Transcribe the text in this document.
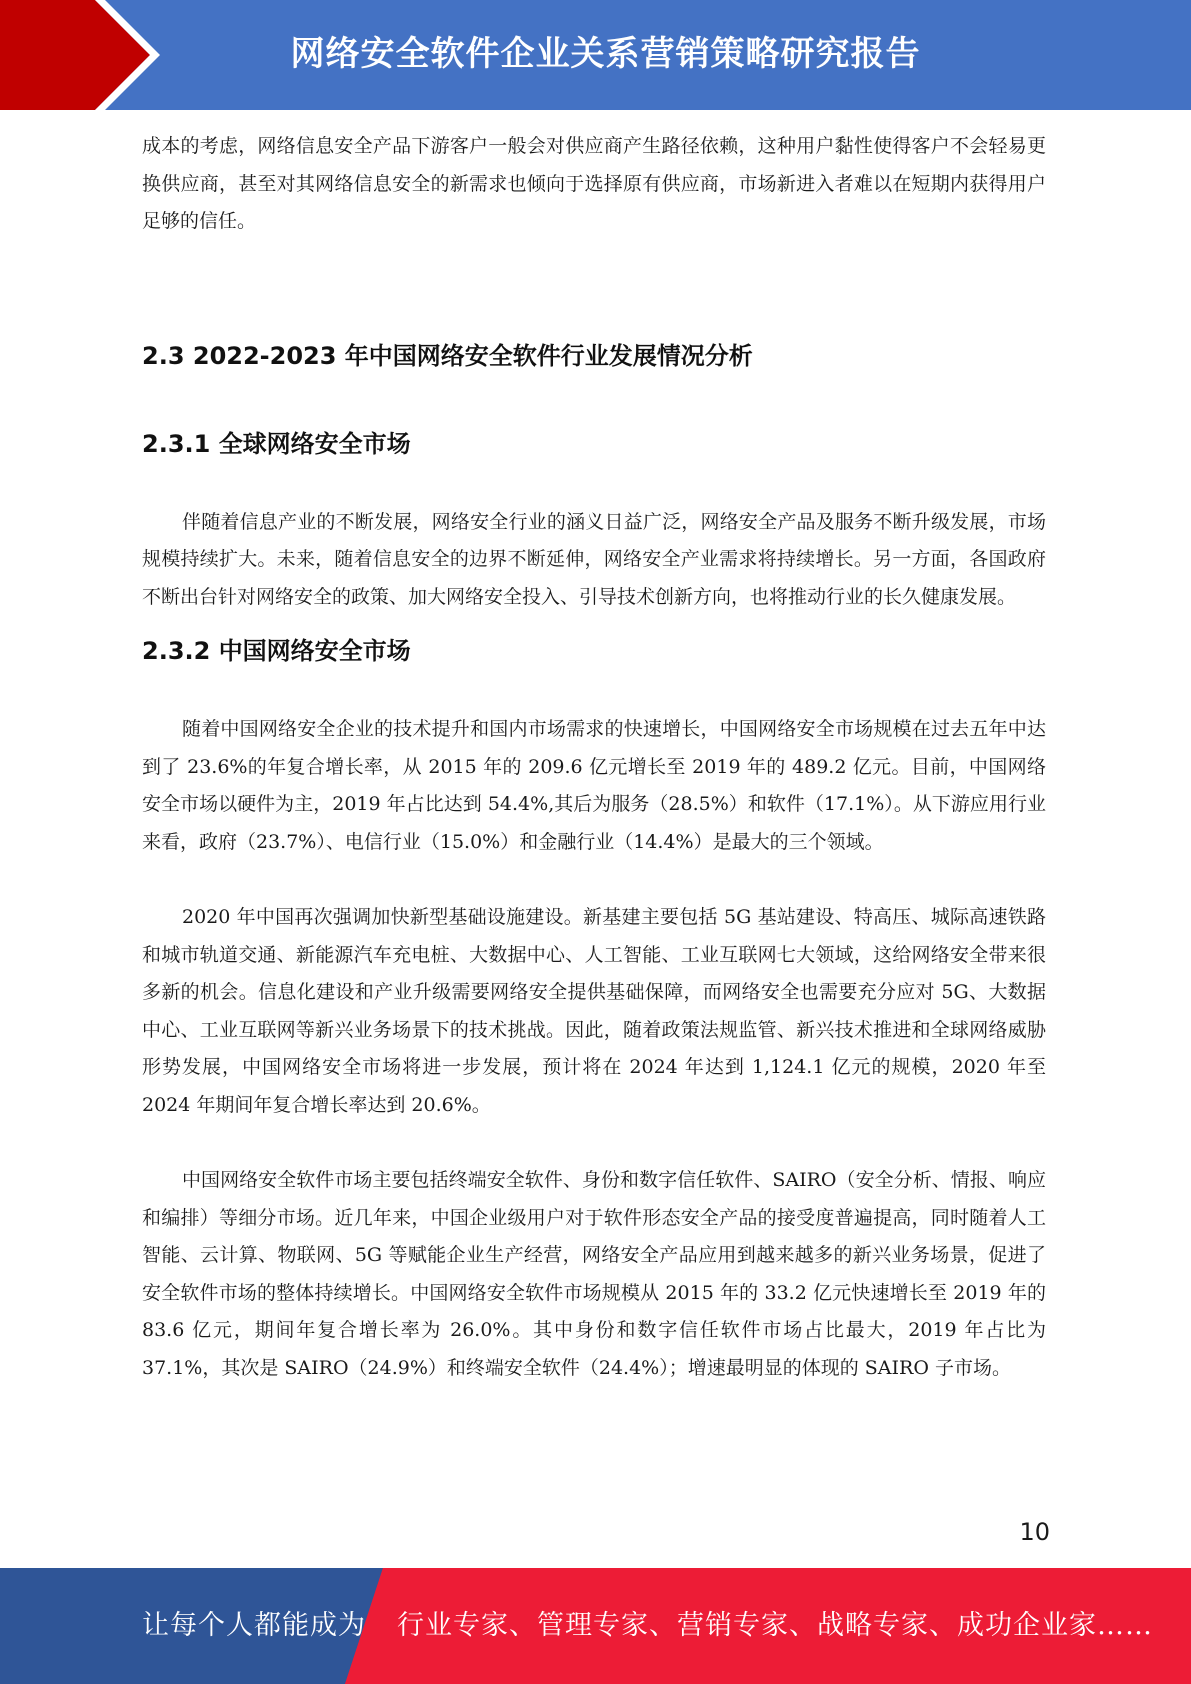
网络安全软件企业关系营销策略研究报告

成本的考虑，网络信息安全产品下游客户一般会对供应商产生路径依赖，这种用户黏性使得客户不会轻易更换供应商，甚至对其网络信息安全的新需求也倾向于选择原有供应商，市场新进入者难以在短期内获得用户足够的信任。

2.3 2022-2023 年中国网络安全软件行业发展情况分析
2.3.1 全球网络安全市场

伴随着信息产业的不断发展，网络安全行业的涵义日益广泛，网络安全产品及服务不断升级发展，市场规模持续扩大。未来，随着信息安全的边界不断延伸，网络安全产业需求将持续增长。另一方面，各国政府不断出台针对网络安全的政策、加大网络安全投入、引导技术创新方向，也将推动行业的长久健康发展。

2.3.2 中国网络安全市场

随着中国网络安全企业的技术提升和国内市场需求的快速增长，中国网络安全市场规模在过去五年中达到了 23.6%的年复合增长率，从 2015 年的 209.6 亿元增长至 2019 年的 489.2 亿元。目前，中国网络安全市场以硬件为主，2019 年占比达到 54.4%,其后为服务（28.5%）和软件（17.1%）。从下游应用行业来看，政府（23.7%）、电信行业（15.0%）和金融行业（14.4%）是最大的三个领域。

2020 年中国再次强调加快新型基础设施建设。新基建主要包括 5G 基站建设、特高压、城际高速铁路和城市轨道交通、新能源汽车充电桩、大数据中心、人工智能、工业互联网七大领域，这给网络安全带来很多新的机会。信息化建设和产业升级需要网络安全提供基础保障，而网络安全也需要充分应对 5G、大数据中心、工业互联网等新兴业务场景下的技术挑战。因此，随着政策法规监管、新兴技术推进和全球网络威胁形势发展，中国网络安全市场将进一步发展，预计将在 2024 年达到 1,124.1 亿元的规模，2020 年至 2024 年期间年复合增长率达到 20.6%。

中国网络安全软件市场主要包括终端安全软件、身份和数字信任软件、SAIRO（安全分析、情报、响应和编排）等细分市场。近几年来，中国企业级用户对于软件形态安全产品的接受度普遍提高，同时随着人工智能、云计算、物联网、5G 等赋能企业生产经营，网络安全产品应用到越来越多的新兴业务场景，促进了安全软件市场的整体持续增长。中国网络安全软件市场规模从 2015 年的 33.2 亿元快速增长至 2019 年的 83.6 亿元，期间年复合增长率为 26.0%。其中身份和数字信任软件市场占比最大，2019 年占比为 37.1%，其次是 SAIRO（24.9%）和终端安全软件（24.4%）；增速最明显的体现的 SAIRO 子市场。

10
让每个人都能成为 行业专家、管理专家、营销专家、战略专家、成功企业家……
